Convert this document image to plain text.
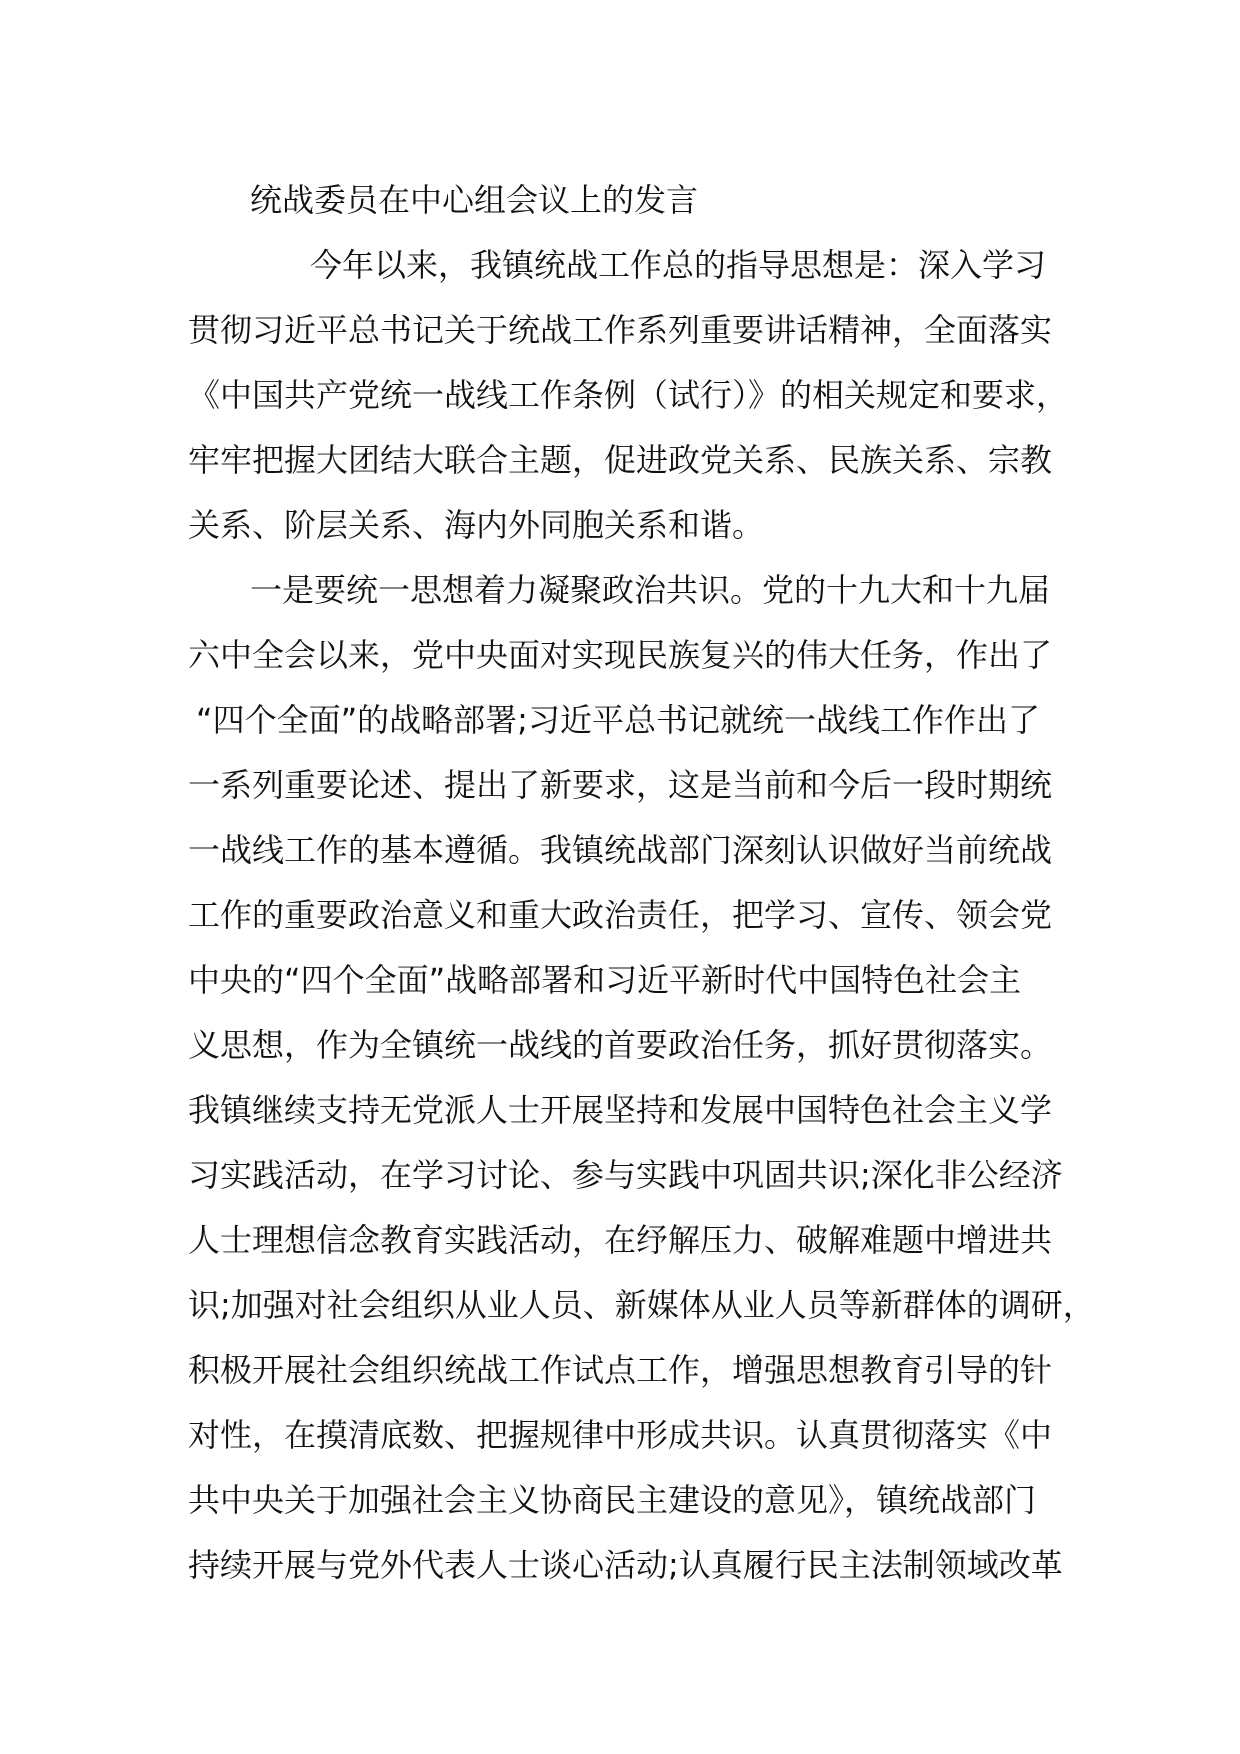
统战委员在中心组会议上的发言
今年以来，我镇统战工作总的指导思想是：深入学习
贯彻习近平总书记关于统战工作系列重要讲话精神，全面落实
《中国共产党统一战线工作条例（试行）》的相关规定和要求，
牢牢把握大团结大联合主题，促进政党关系、民族关系、宗教
关系、阶层关系、海内外同胞关系和谐。
一是要统一思想着力凝聚政治共识。党的十九大和十九届
六中全会以来，党中央面对实现民族复兴的伟大任务，作出了
“四个全面”的战略部署;习近平总书记就统一战线工作作出了
一系列重要论述、提出了新要求，这是当前和今后一段时期统
一战线工作的基本遵循。我镇统战部门深刻认识做好当前统战
工作的重要政治意义和重大政治责任，把学习、宣传、领会党
中央的“四个全面”战略部署和习近平新时代中国特色社会主
义思想，作为全镇统一战线的首要政治任务，抓好贯彻落实。
我镇继续支持无党派人士开展坚持和发展中国特色社会主义学
习实践活动，在学习讨论、参与实践中巩固共识;深化非公经济
人士理想信念教育实践活动，在纾解压力、破解难题中增进共
识;加强对社会组织从业人员、新媒体从业人员等新群体的调研，
积极开展社会组织统战工作试点工作，增强思想教育引导的针
对性，在摸清底数、把握规律中形成共识。认真贯彻落实《中
共中央关于加强社会主义协商民主建设的意见》，镇统战部门
持续开展与党外代表人士谈心活动;认真履行民主法制领域改革
